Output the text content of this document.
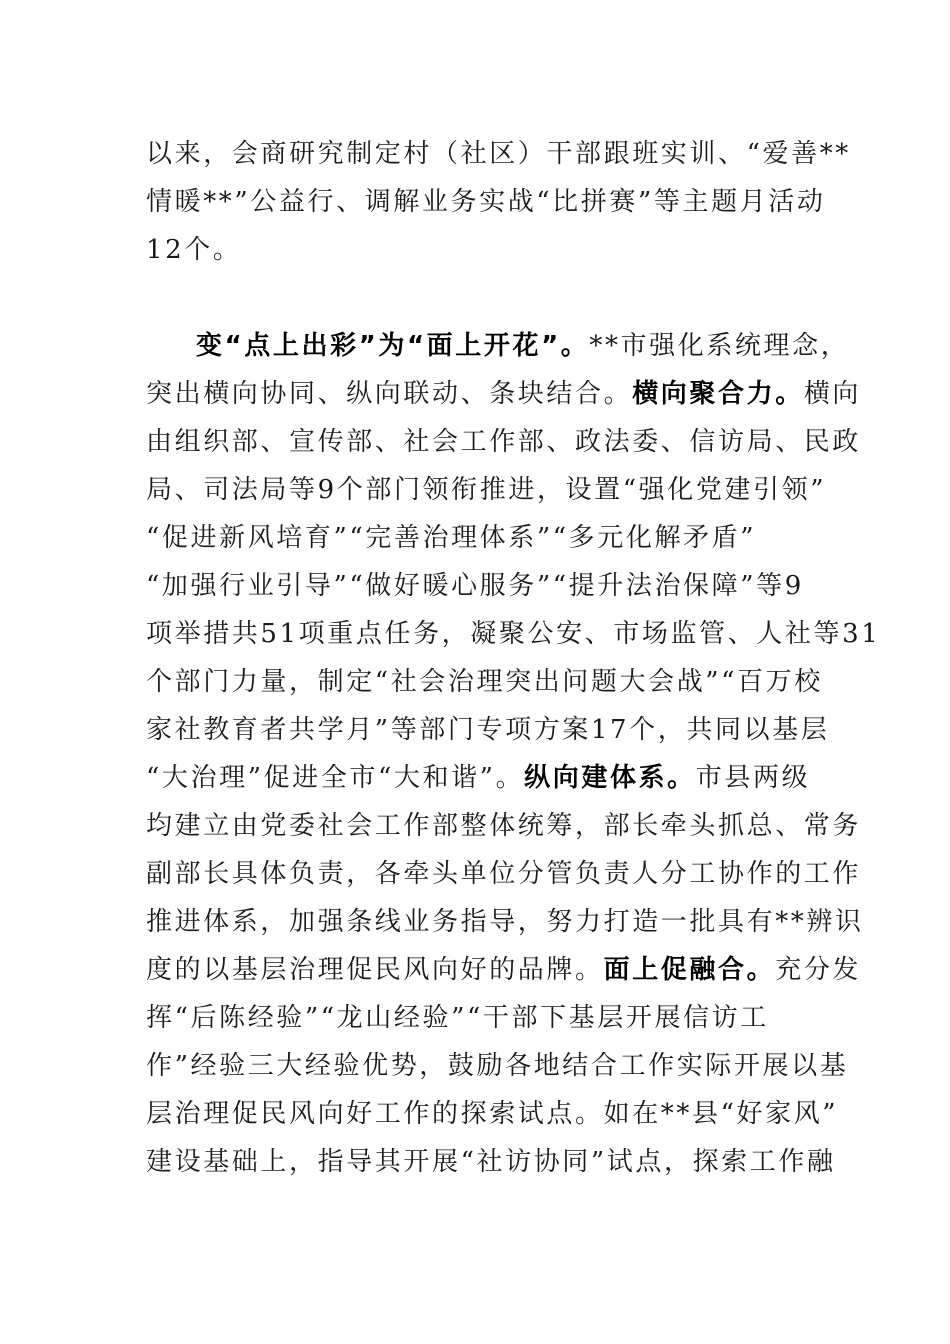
以来，会商研究制定村（社区）干部跟班实训、“爱善**
情暖**”公益行、调解业务实战“比拼赛”等主题月活动
12个。
变“点上出彩”为“面上开花”。**市强化系统理念，
突出横向协同、纵向联动、条块结合。横向聚合力。横向
由组织部、宣传部、社会工作部、政法委、信访局、民政
局、司法局等9个部门领衔推进，设置“强化党建引领”
“促进新风培育”“完善治理体系”“多元化解矛盾”
“加强行业引导”“做好暖心服务”“提升法治保障”等9
项举措共51项重点任务，凝聚公安、市场监管、人社等31
个部门力量，制定“社会治理突出问题大会战”“百万校
家社教育者共学月”等部门专项方案17个，共同以基层
“大治理”促进全市“大和谐”。纵向建体系。市县两级
均建立由党委社会工作部整体统筹，部长牵头抓总、常务
副部长具体负责，各牵头单位分管负责人分工协作的工作
推进体系，加强条线业务指导，努力打造一批具有**辨识
度的以基层治理促民风向好的品牌。面上促融合。充分发
挥“后陈经验”“龙山经验”“干部下基层开展信访工
作”经验三大经验优势，鼓励各地结合工作实际开展以基
层治理促民风向好工作的探索试点。如在**县“好家风”
建设基础上，指导其开展“社访协同”试点，探索工作融
